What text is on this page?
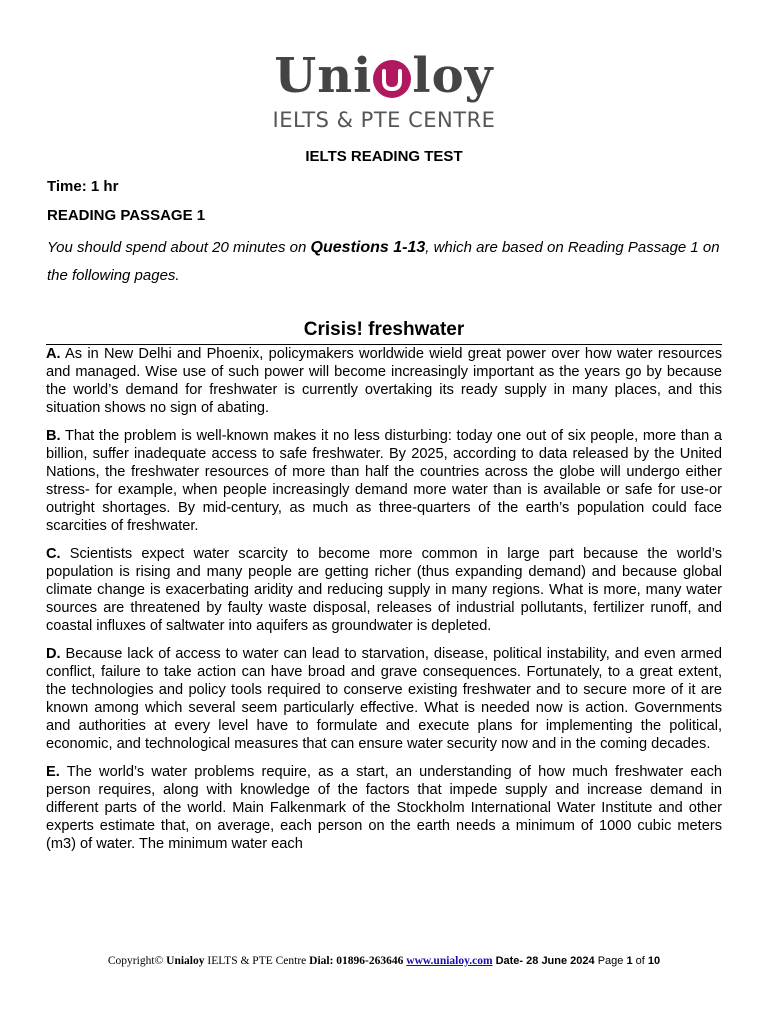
Uni loy
IELTS & PTE CENTRE
IELTS READING TEST
Time: 1 hr
READING PASSAGE 1
You should spend about 20 minutes on Questions 1-13, which are based on Reading Passage 1 on the following pages.
Crisis! freshwater

A. As in New Delhi and Phoenix, policymakers worldwide wield great power over how water resources and managed. Wise use of such power will become increasingly important as the years go by because the world’s demand for freshwater is currently overtaking its ready supply in many places, and this situation shows no sign of abating.

B. That the problem is well-known makes it no less disturbing: today one out of six people, more than a billion, suffer inadequate access to safe freshwater. By 2025, according to data released by the United Nations, the freshwater resources of more than half the countries across the globe will undergo either stress- for example, when people increasingly demand more water than is available or safe for use-or outright shortages. By mid-century, as much as three-quarters of the earth’s population could face scarcities of freshwater.

C. Scientists expect water scarcity to become more common in large part because the world’s population is rising and many people are getting richer (thus expanding demand) and because global climate change is exacerbating aridity and reducing supply in many regions. What is more, many water sources are threatened by faulty waste disposal, releases of industrial pollutants, fertilizer runoff, and coastal influxes of saltwater into aquifers as groundwater is depleted.

D. Because lack of access to water can lead to starvation, disease, political instability, and even armed conflict, failure to take action can have broad and grave consequences. Fortunately, to a great extent, the technologies and policy tools required to conserve existing freshwater and to secure more of it are known among which several seem particularly effective. What is needed now is action. Governments and authorities at every level have to formulate and execute plans for implementing the political, economic, and technological measures that can ensure water security now and in the coming decades.

E. The world’s water problems require, as a start, an understanding of how much freshwater each person requires, along with knowledge of the factors that impede supply and increase demand in different parts of the world. Main Falkenmark of the Stockholm International Water Institute and other experts estimate that, on average, each person on the earth needs a minimum of 1000 cubic meters (m3) of water. The minimum water each

Copyright© Unialoy IELTS & PTE Centre Dial: 01896-263646 www.unialoy.com Date- 28 June 2024 Page 1 of 10
